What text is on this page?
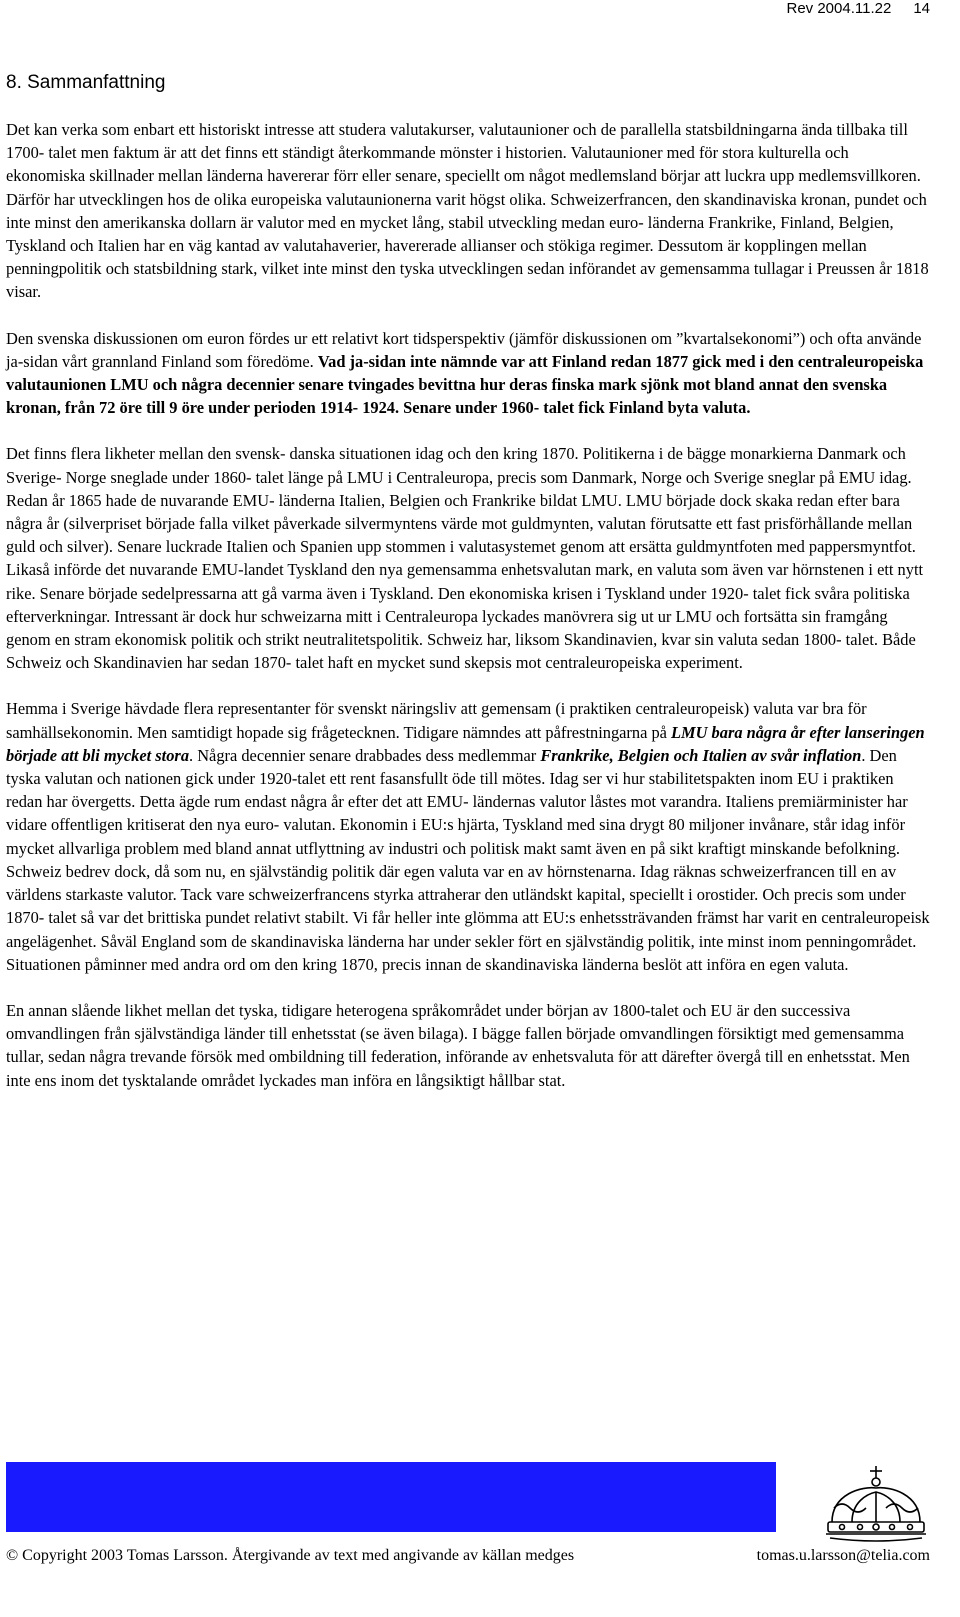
Rev 2004.11.22 14
8. Sammanfattning

Det kan verka som enbart ett historiskt intresse att studera valutakurser, valutaunioner och de parallella statsbildningarna ända tillbaka till 1700- talet men faktum är att det finns ett ständigt återkommande mönster i historien. Valutaunioner med för stora kulturella och ekonomiska skillnader mellan länderna havererar förr eller senare, speciellt om något medlemsland börjar att luckra upp medlemsvillkoren. Därför har utvecklingen hos de olika europeiska valutaunionerna varit högst olika. Schweizerfrancen, den skandinaviska kronan, pundet och inte minst den amerikanska dollarn är valutor med en mycket lång, stabil utveckling medan euro- länderna Frankrike, Finland, Belgien, Tyskland och Italien har en väg kantad av valutahaverier, havererade allianser och stökiga regimer. Dessutom är kopplingen mellan penningpolitik och statsbildning stark, vilket inte minst den tyska utvecklingen sedan införandet av gemensamma tullagar i Preussen år 1818 visar.

Den svenska diskussionen om euron fördes ur ett relativt kort tidsperspektiv (jämför diskussionen om ”kvartalsekonomi”) och ofta använde ja-sidan vårt grannland Finland som föredöme. Vad ja-sidan inte nämnde var att Finland redan 1877 gick med i den centraleuropeiska valutaunionen LMU och några decennier senare tvingades bevittna hur deras finska mark sjönk mot bland annat den svenska kronan, från 72 öre till 9 öre under perioden 1914- 1924. Senare under 1960- talet fick Finland byta valuta.

Det finns flera likheter mellan den svensk- danska situationen idag och den kring 1870. Politikerna i de bägge monarkierna Danmark och Sverige- Norge sneglade under 1860- talet länge på LMU i Centraleuropa, precis som Danmark, Norge och Sverige sneglar på EMU idag. Redan år 1865 hade de nuvarande EMU- länderna Italien, Belgien och Frankrike bildat LMU. LMU började dock skaka redan efter bara några år (silverpriset började falla vilket påverkade silvermyntens värde mot guldmynten, valutan förutsatte ett fast prisförhållande mellan guld och silver). Senare luckrade Italien och Spanien upp stommen i valutasystemet genom att ersätta guldmyntfoten med pappersmyntfot. Likaså införde det nuvarande EMU-landet Tyskland den nya gemensamma enhetsvalutan mark, en valuta som även var hörnstenen i ett nytt rike. Senare började sedelpressarna att gå varma även i Tyskland. Den ekonomiska krisen i Tyskland under 1920- talet fick svåra politiska efterverkningar. Intressant är dock hur schweizarna mitt i Centraleuropa lyckades manövrera sig ut ur LMU och fortsätta sin framgång genom en stram ekonomisk politik och strikt neutralitetspolitik. Schweiz har, liksom Skandinavien, kvar sin valuta sedan 1800- talet. Både Schweiz och Skandinavien har sedan 1870- talet haft en mycket sund skepsis mot centraleuropeiska experiment.

Hemma i Sverige hävdade flera representanter för svenskt näringsliv att gemensam (i praktiken centraleuropeisk) valuta var bra för samhällsekonomin. Men samtidigt hopade sig frågetecknen. Tidigare nämndes att påfrestningarna på LMU bara några år efter lanseringen började att bli mycket stora. Några decennier senare drabbades dess medlemmar Frankrike, Belgien och Italien av svår inflation. Den tyska valutan och nationen gick under 1920-talet ett rent fasansfullt öde till mötes. Idag ser vi hur stabilitetspakten inom EU i praktiken redan har övergetts. Detta ägde rum endast några år efter det att EMU- ländernas valutor låstes mot varandra. Italiens premiärminister har vidare offentligen kritiserat den nya euro- valutan. Ekonomin i EU:s hjärta, Tyskland med sina drygt 80 miljoner invånare, står idag inför mycket allvarliga problem med bland annat utflyttning av industri och politisk makt samt även en på sikt kraftigt minskande befolkning. Schweiz bedrev dock, då som nu, en självständig politik där egen valuta var en av hörnstenarna. Idag räknas schweizerfrancen till en av världens starkaste valutor. Tack vare schweizerfrancens styrka attraherar den utländskt kapital, speciellt i orostider. Och precis som under 1870- talet så var det brittiska pundet relativt stabilt. Vi får heller inte glömma att EU:s enhetssträvanden främst har varit en centraleuropeisk angelägenhet. Såväl England som de skandinaviska länderna har under sekler fört en självständig politik, inte minst inom penningområdet. Situationen påminner med andra ord om den kring 1870, precis innan de skandinaviska länderna beslöt att införa en egen valuta.

En annan slående likhet mellan det tyska, tidigare heterogena språkområdet under början av 1800-talet och EU är den successiva omvandlingen från självständiga länder till enhetsstat (se även bilaga). I bägge fallen började omvandlingen försiktigt med gemensamma tullar, sedan några trevande försök med ombildning till federation, införande av enhetsvaluta för att därefter övergå till en enhetsstat. Men inte ens inom det tysktalande området lyckades man införa en långsiktigt hållbar stat.

© Copyright 2003 Tomas Larsson. Återgivande av text med angivande av källan medges	tomas.u.larsson@telia.com
